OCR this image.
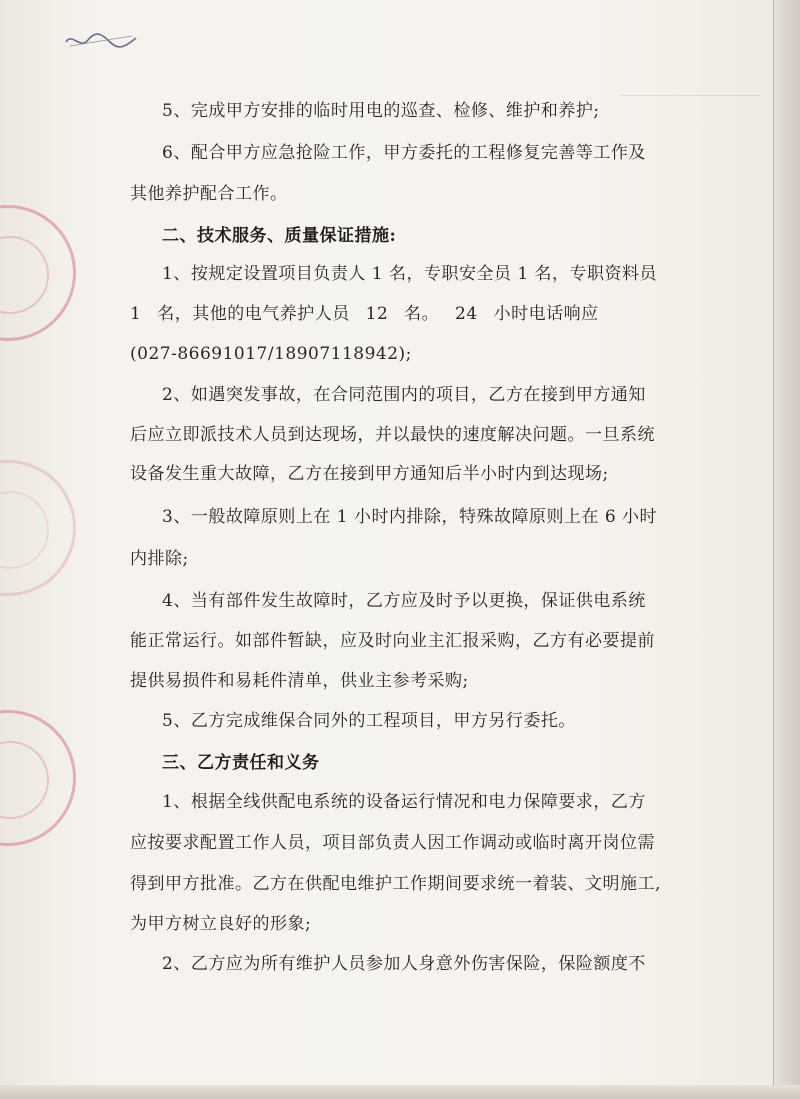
5、完成甲方安排的临时用电的巡查、检修、维护和养护;

6、配合甲方应急抢险工作，甲方委托的工程修复完善等工作及

其他养护配合工作。

二、技术服务、质量保证措施:

1、按规定设置项目负责人 1 名，专职安全员 1 名，专职资料员

1 名，其他的电气养护人员 12 名。 24 小时电话响应

(027-86691017/18907118942);

2、如遇突发事故，在合同范围内的项目，乙方在接到甲方通知

后应立即派技术人员到达现场，并以最快的速度解决问题。一旦系统

设备发生重大故障，乙方在接到甲方通知后半小时内到达现场;

3、一般故障原则上在 1 小时内排除，特殊故障原则上在 6 小时

内排除;

4、当有部件发生故障时，乙方应及时予以更换，保证供电系统

能正常运行。如部件暂缺，应及时向业主汇报采购，乙方有必要提前

提供易损件和易耗件清单，供业主参考采购;

5、乙方完成维保合同外的工程项目，甲方另行委托。

三、乙方责任和义务

1、根据全线供配电系统的设备运行情况和电力保障要求，乙方

应按要求配置工作人员，项目部负责人因工作调动或临时离开岗位需

得到甲方批准。乙方在供配电维护工作期间要求统一着装、文明施工,

为甲方树立良好的形象;

2、乙方应为所有维护人员参加人身意外伤害保险，保险额度不
